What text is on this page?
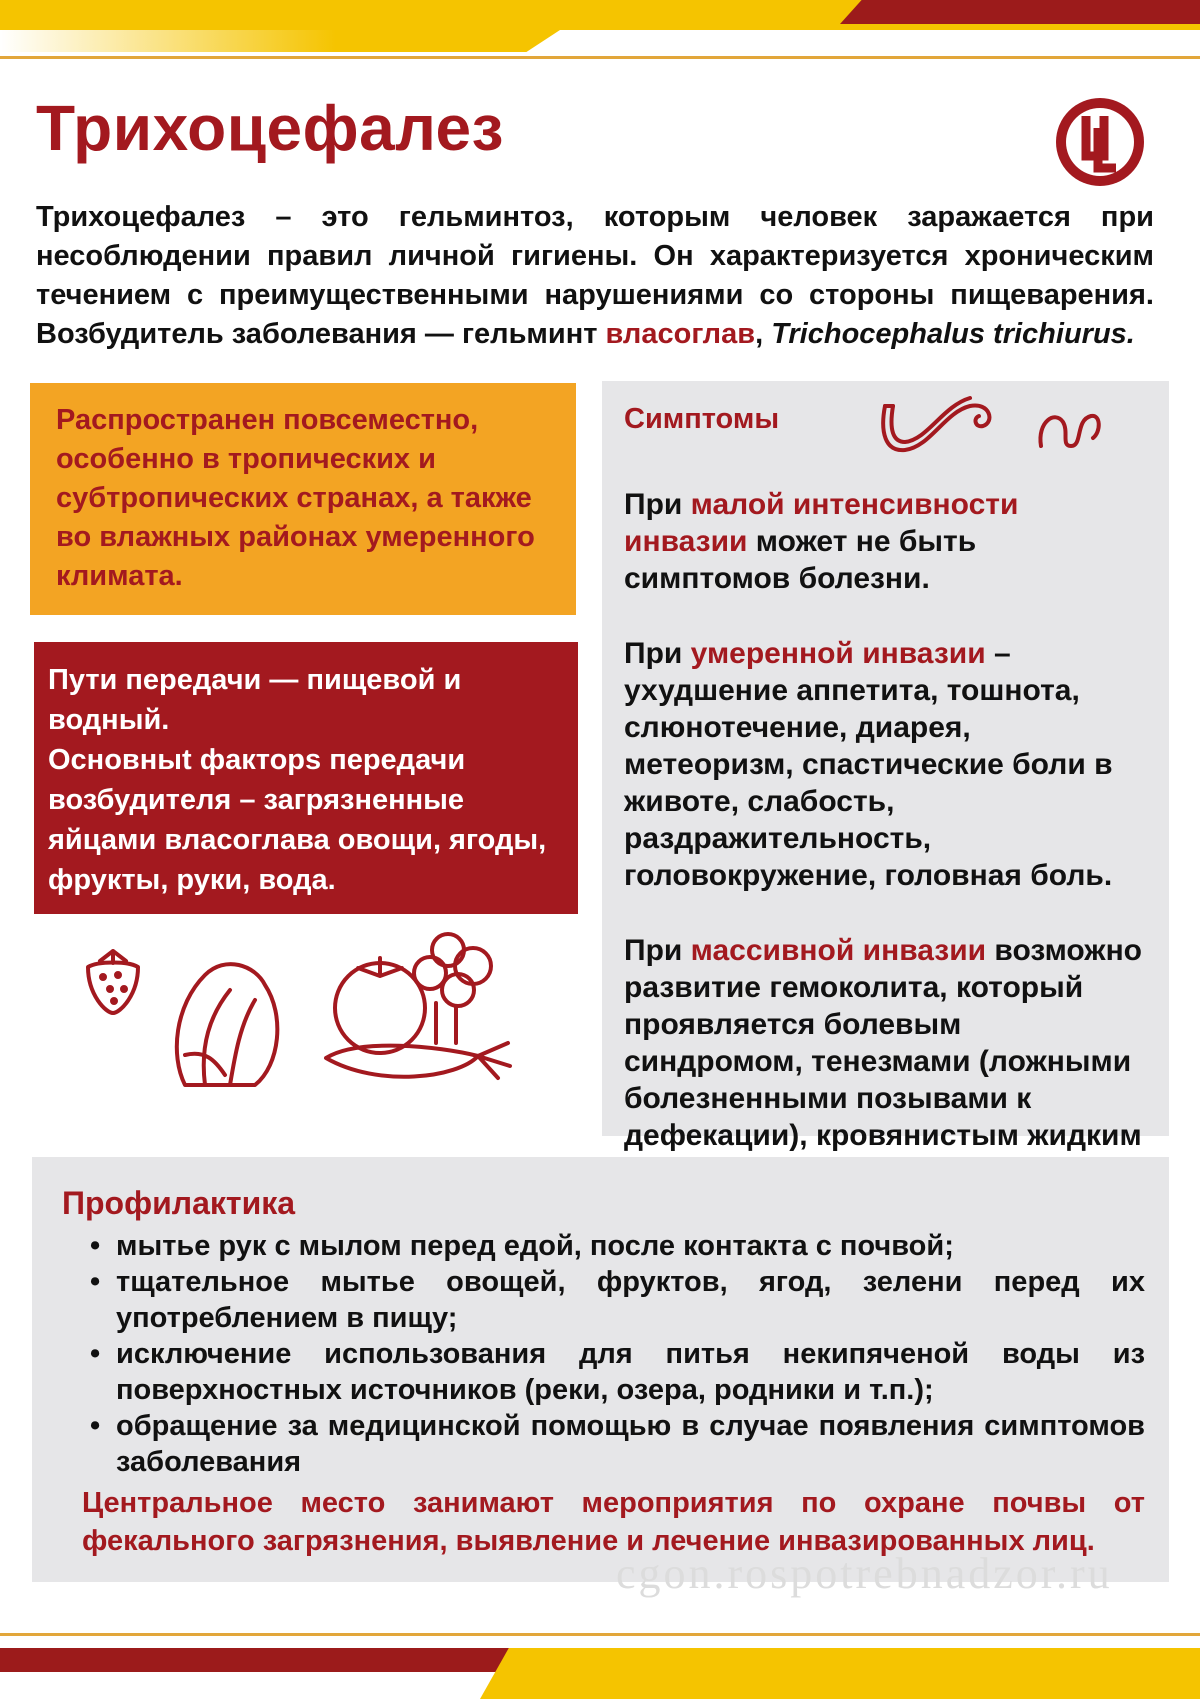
Трихоцефалез

Трихоцефалез – это гельминтоз, которым человек заражается при несоблюдении правил личной гигиены. Он характеризуется хроническим течением с преимущественными нарушениями со стороны пищеварения. Возбудитель заболевания — гельминт власоглав, Trichocephalus trichiurus.

Распространен повсеместно, особенно в тропических и субтропических странах, а также во влажных районах умеренного климата.

Пути передачи — пищевой и водный.

Основныt факторs передачи возбудителя – загрязненные яйцами власоглава овощи, ягоды, фрукты, руки, вода.

Симптомы

При малой интенсивности инвазии может не быть симптомов болезни.

При умеренной инвазии – ухудшение аппетита, тошнота, слюнотечение, диарея, метеоризм, спастические боли в животе, слабость, раздражительность, головокружение, головная боль.

При массивной инвазии возможно развитие гемоколита, который проявляется болевым синдромом, тенезмами (ложными болезненными позывами к дефекации), кровянистым жидким

Профилактика

• мытье рук с мылом перед едой, после контакта с почвой;
• тщательное мытье овощей, фруктов, ягод, зелени перед их употреблением в пищу;
• исключение использования для питья некипяченой воды из поверхностных источников (реки, озера, родники и т.п.);
• обращение за медицинской помощью в случае появления симптомов заболевания

Центральное место занимают мероприятия по охране почвы от фекального загрязнения, выявление и лечение инвазированных лиц.

cgon.rospotrebnadzor.ru
